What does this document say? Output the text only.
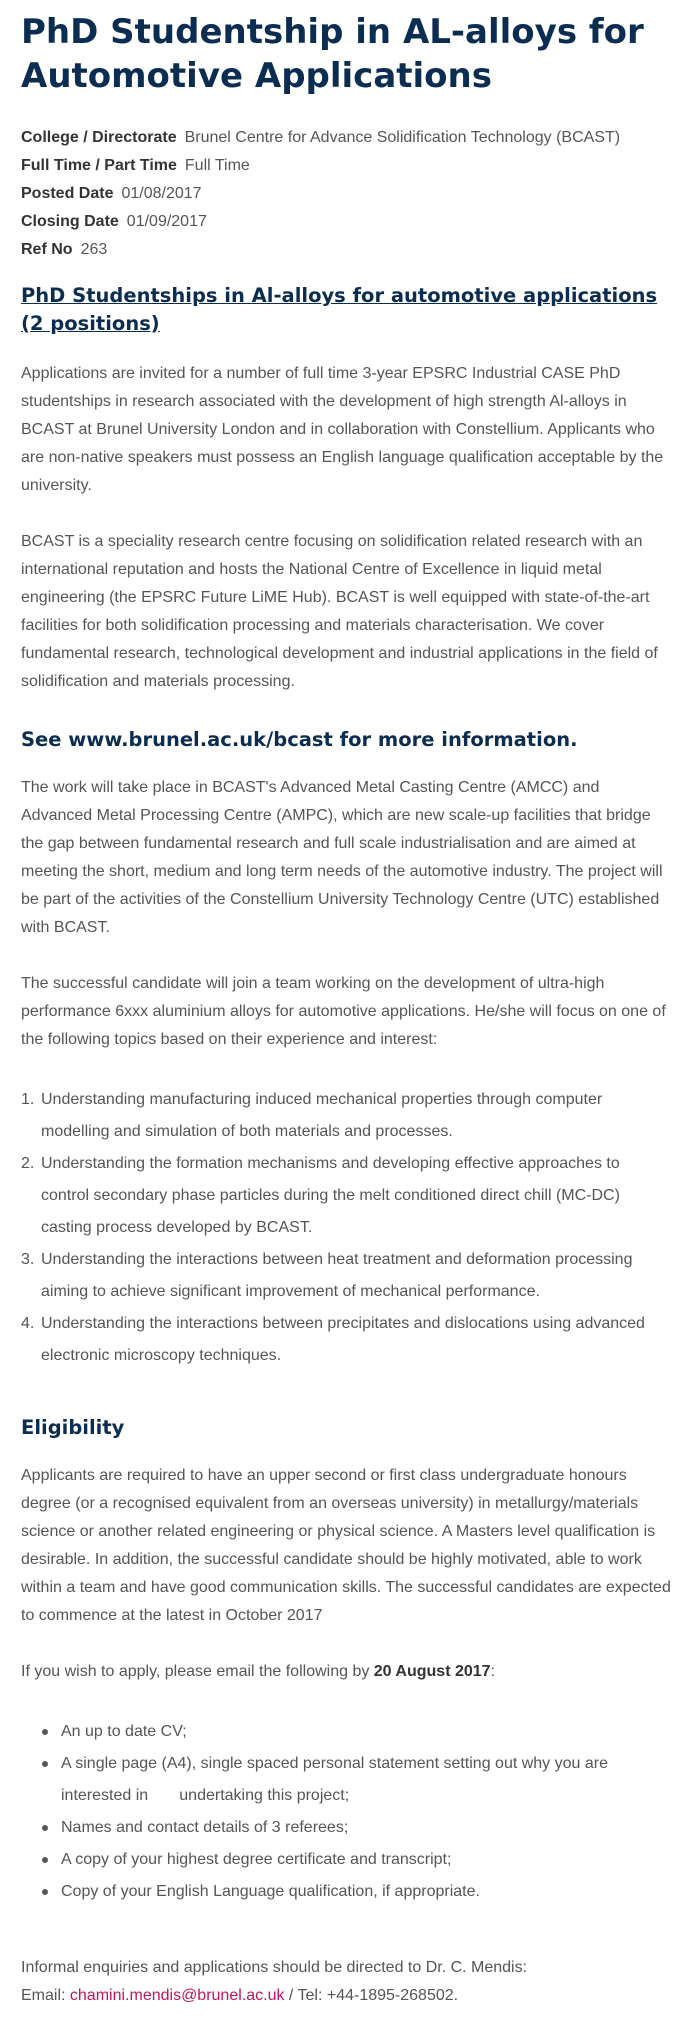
PhD Studentship in AL-alloys for Automotive Applications
College / Directorate Brunel Centre for Advance Solidification Technology (BCAST)
Full Time / Part Time Full Time
Posted Date 01/08/2017
Closing Date 01/09/2017
Ref No 263
PhD Studentships in Al-alloys for automotive applications (2 positions)

Applications are invited for a number of full time 3-year EPSRC Industrial CASE PhD studentships in research associated with the development of high strength Al-alloys in BCAST at Brunel University London and in collaboration with Constellium. Applicants who are non-native speakers must possess an English language qualification acceptable by the university.

BCAST is a speciality research centre focusing on solidification related research with an international reputation and hosts the National Centre of Excellence in liquid metal engineering (the EPSRC Future LiME Hub). BCAST is well equipped with state-of-the-art facilities for both solidification processing and materials characterisation. We cover fundamental research, technological development and industrial applications in the field of solidification and materials processing.

See www.brunel.ac.uk/bcast for more information.

The work will take place in BCAST's Advanced Metal Casting Centre (AMCC) and Advanced Metal Processing Centre (AMPC), which are new scale-up facilities that bridge the gap between fundamental research and full scale industrialisation and are aimed at meeting the short, medium and long term needs of the automotive industry. The project will be part of the activities of the Constellium University Technology Centre (UTC) established with BCAST.

The successful candidate will join a team working on the development of ultra-high performance 6xxx aluminium alloys for automotive applications. He/she will focus on one of the following topics based on their experience and interest:

1. Understanding manufacturing induced mechanical properties through computer modelling and simulation of both materials and processes.
2. Understanding the formation mechanisms and developing effective approaches to control secondary phase particles during the melt conditioned direct chill (MC-DC) casting process developed by BCAST.
3. Understanding the interactions between heat treatment and deformation processing aiming to achieve significant improvement of mechanical performance.
4. Understanding the interactions between precipitates and dislocations using advanced electronic microscopy techniques.
Eligibility

Applicants are required to have an upper second or first class undergraduate honours degree (or a recognised equivalent from an overseas university) in metallurgy/materials science or another related engineering or physical science. A Masters level qualification is desirable. In addition, the successful candidate should be highly motivated, able to work within a team and have good communication skills. The successful candidates are expected to commence at the latest in October 2017

If you wish to apply, please email the following by 20 August 2017:

An up to date CV;
A single page (A4), single spaced personal statement setting out why you are interested in       undertaking this project;
Names and contact details of 3 referees;
A copy of your highest degree certificate and transcript;
Copy of your English Language qualification, if appropriate.

Informal enquiries and applications should be directed to Dr. C. Mendis:
Email: chamini.mendis@brunel.ac.uk / Tel: +44-1895-268502.
